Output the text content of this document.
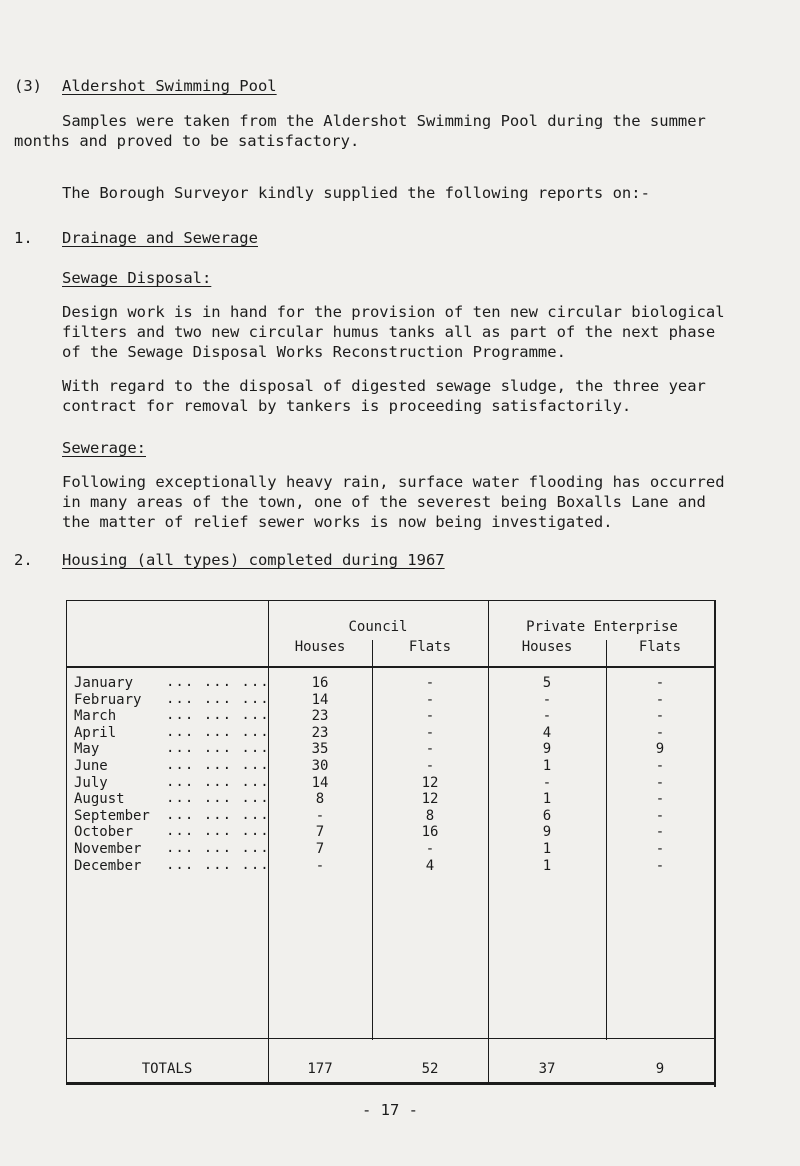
(3) Aldershot Swimming Pool
Samples were taken from the Aldershot Swimming Pool during the summer
months and proved to be satisfactory.
The Borough Surveyor kindly supplied the following reports on:-
1. Drainage and Sewerage
Sewage Disposal:
Design work is in hand for the provision of ten new circular biological
filters and two new circular humus tanks all as part of the next phase
of the Sewage Disposal Works Reconstruction Programme.
With regard to the disposal of digested sewage sludge, the three year
contract for removal by tankers is proceeding satisfactorily.
Sewerage:
Following exceptionally heavy rain, surface water flooding has occurred
in many areas of the town, one of the severest being Boxalls Lane and
the matter of relief sewer works is now being investigated.
2. Housing (all types) completed during 1967
Council	Private Enterprise
Houses	Flats	Houses	Flats
January ... ... ...	16	-	5	-
February ... ... ...	14	-	-	-
March	... ... ...	23	-	-	-
April	... ... ...	23	-	4	-
May	... ... ...	35	-	9	9
June	... ... ...	30	-	1	-
July	... ... ...	14	12	-	-
August	... ... ...	8	12	1	-
September ... ... ...	-	8	6	-
October ... ... ...	7	16	9	-
November ... ... ...	7	-	1	-
December ... ... ...	-	4	1	-
TOTALS	177	52	37	9
- 17 -
